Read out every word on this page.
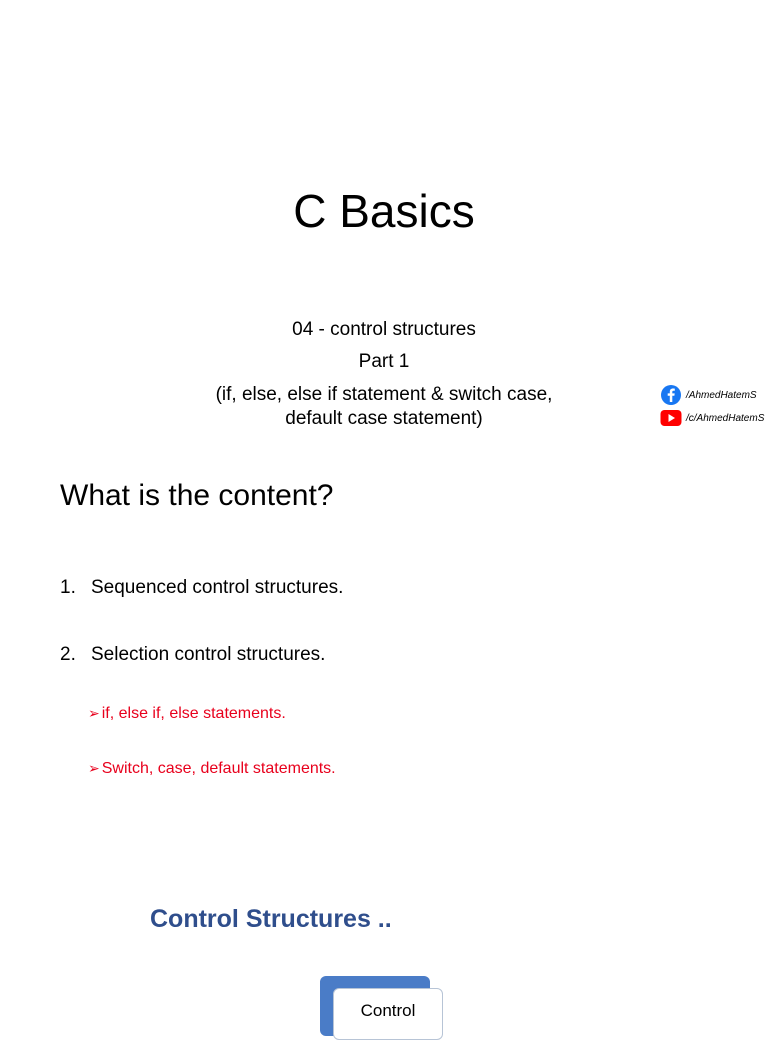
C Basics
04 - control structures
Part 1
(if, else, else if statement & switch case,
default case statement)
/AhmedHatemS
/c/AhmedHatemS
What is the content?
1. Sequenced control structures.
2. Selection control structures.
➢ if, else if, else statements.
➢ Switch, case, default statements.
Control Structures ..
Control
